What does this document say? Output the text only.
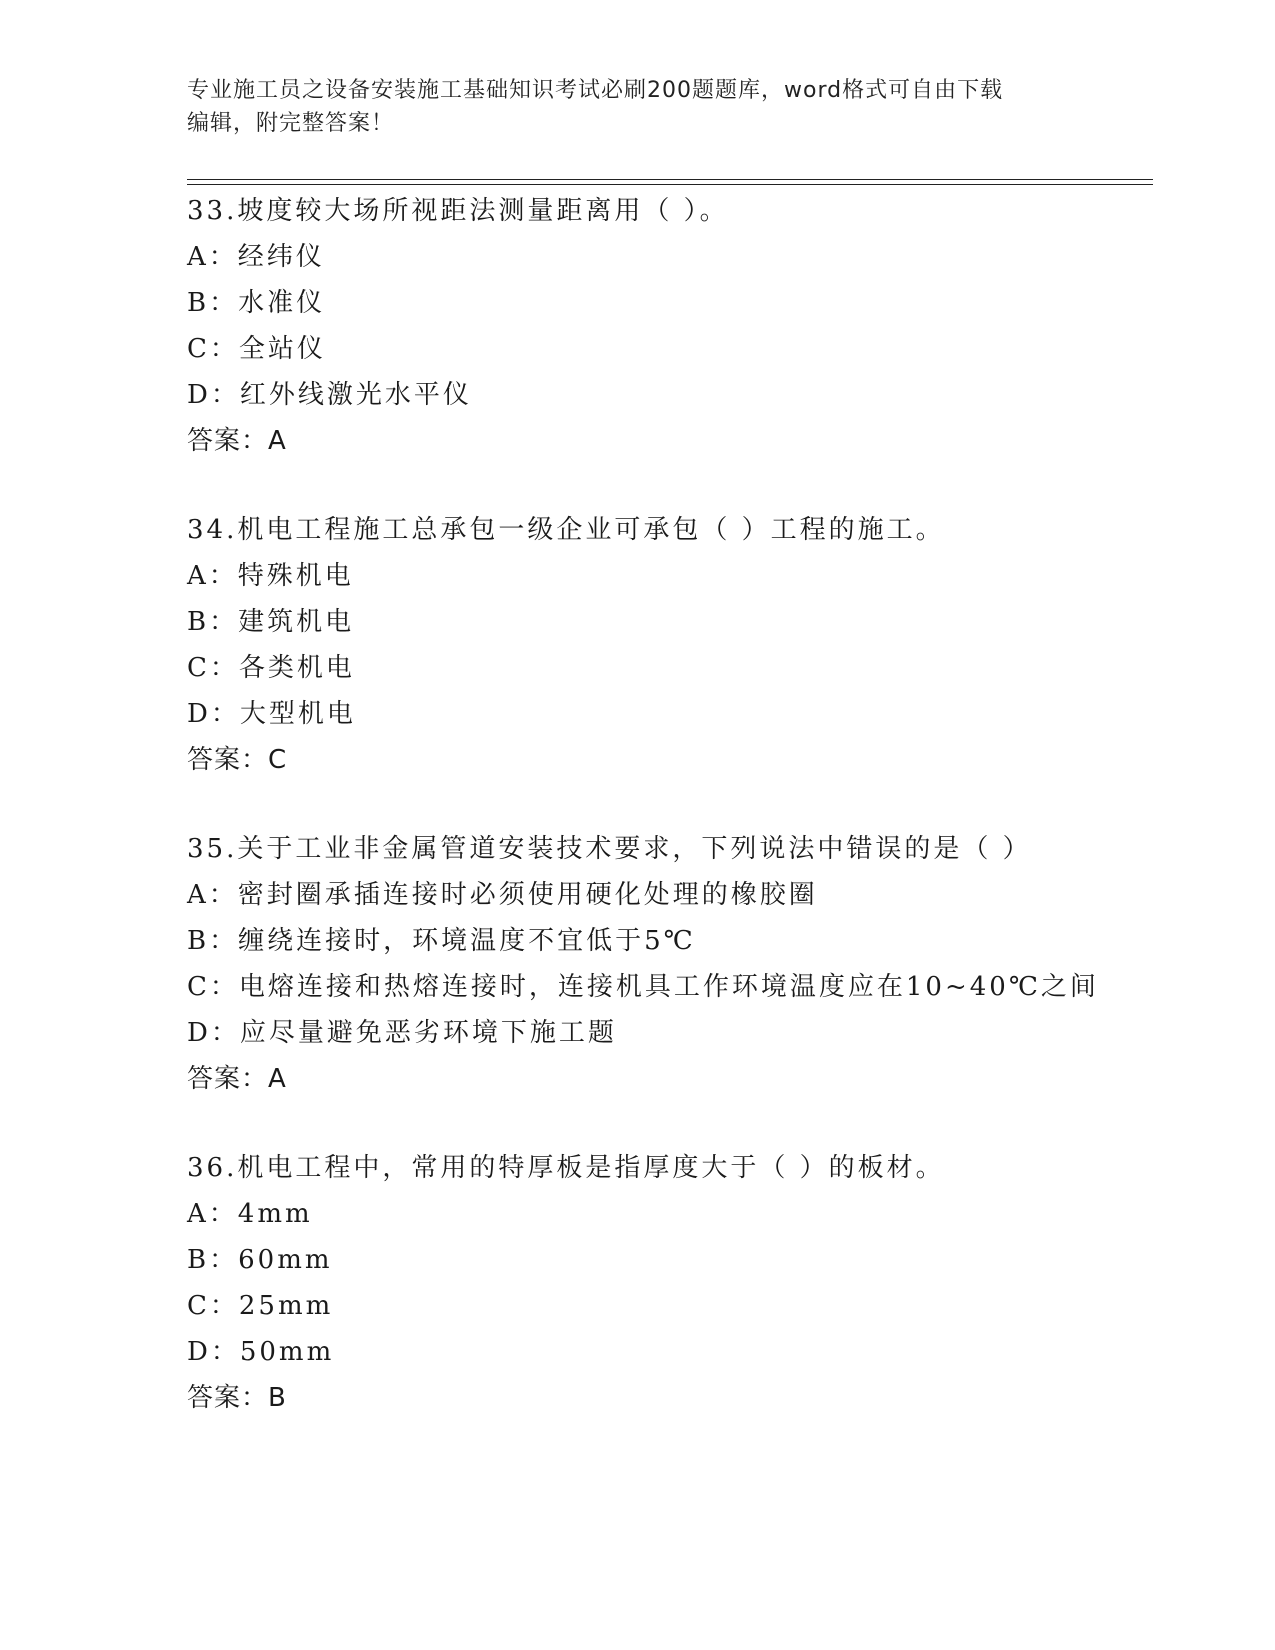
专业施工员之设备安装施工基础知识考试必刷200题题库，word格式可自由下载
编辑，附完整答案！
33.坡度较大场所视距法测量距离用（ ）。
A：经纬仪
B：水准仪
C：全站仪
D：红外线激光水平仪
答案：A
34.机电工程施工总承包一级企业可承包（ ）工程的施工。
A：特殊机电
B：建筑机电
C：各类机电
D：大型机电
答案：C
35.关于工业非金属管道安装技术要求，下列说法中错误的是（ ）
A：密封圈承插连接时必须使用硬化处理的橡胶圈
B：缠绕连接时，环境温度不宜低于5℃
C：电熔连接和热熔连接时，连接机具工作环境温度应在10~40℃之间
D：应尽量避免恶劣环境下施工题
答案：A
36.机电工程中，常用的特厚板是指厚度大于（ ）的板材。
A：4mm
B：60mm
C：25mm
D：50mm
答案：B
